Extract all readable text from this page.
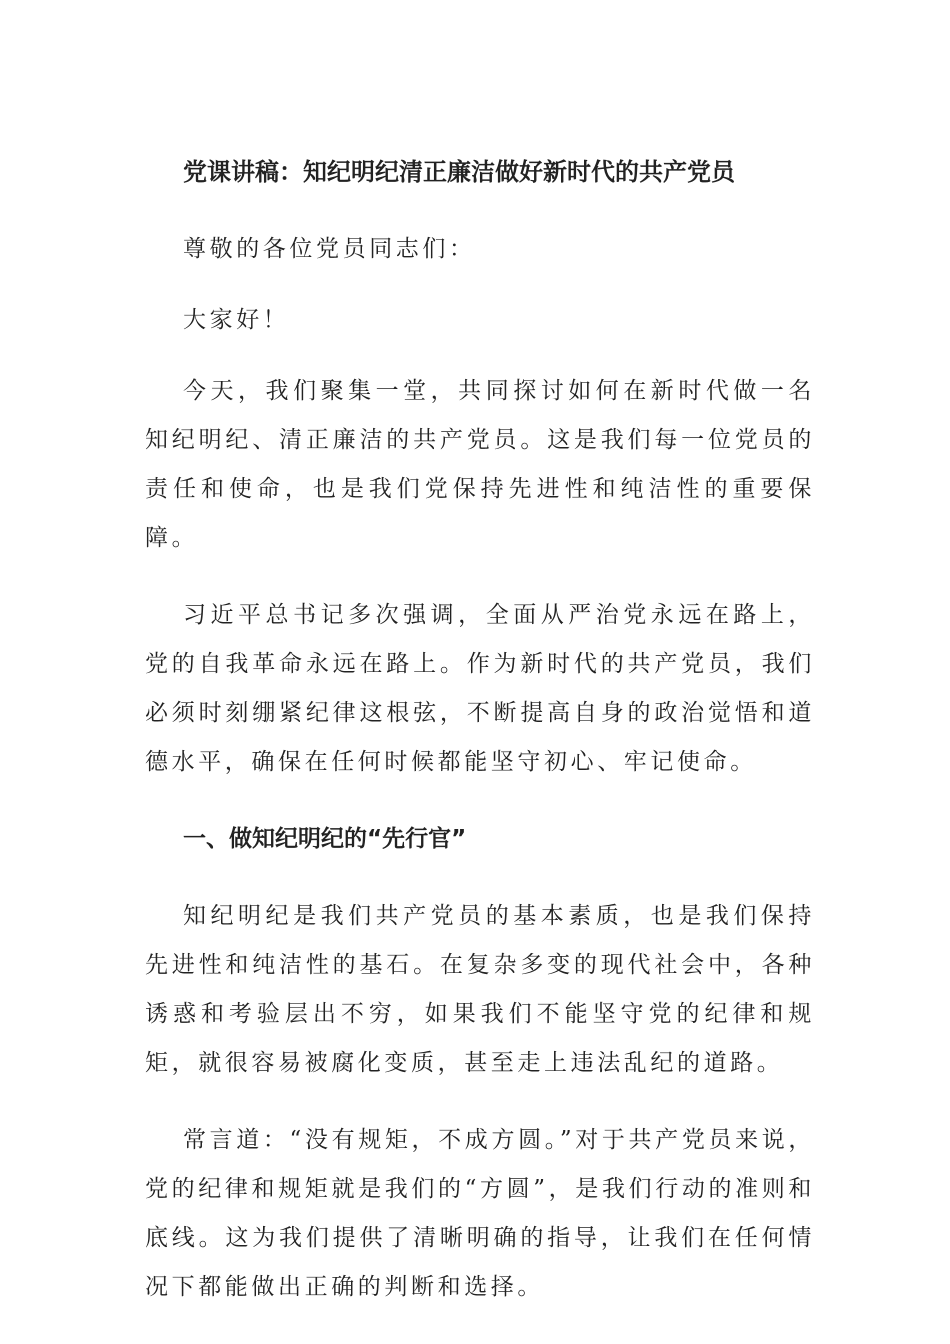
党课讲稿：知纪明纪清正廉洁做好新时代的共产党员

尊敬的各位党员同志们：

大家好！

今天，我们聚集一堂，共同探讨如何在新时代做一名知纪明纪、清正廉洁的共产党员。这是我们每一位党员的责任和使命，也是我们党保持先进性和纯洁性的重要保障。

习近平总书记多次强调，全面从严治党永远在路上，党的自我革命永远在路上。作为新时代的共产党员，我们必须时刻绷紧纪律这根弦，不断提高自身的政治觉悟和道德水平，确保在任何时候都能坚守初心、牢记使命。

一、做知纪明纪的“先行官”

知纪明纪是我们共产党员的基本素质，也是我们保持先进性和纯洁性的基石。在复杂多变的现代社会中，各种诱惑和考验层出不穷，如果我们不能坚守党的纪律和规矩，就很容易被腐化变质，甚至走上违法乱纪的道路。

常言道：“没有规矩，不成方圆。”对于共产党员来说，党的纪律和规矩就是我们的“方圆”，是我们行动的准则和底线。这为我们提供了清晰明确的指导，让我们在任何情况下都能做出正确的判断和选择。
